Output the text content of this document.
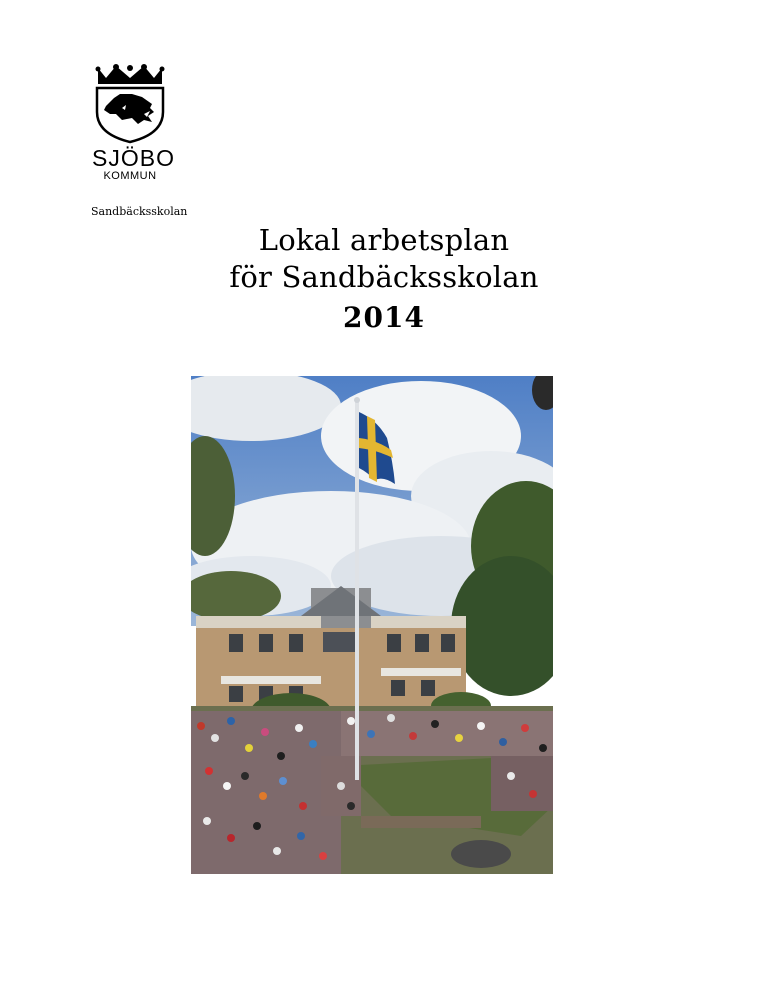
SJÖBO
KOMMUN
Sandbäcksskolan
Lokal arbetsplan
för Sandbäcksskolan
2014
